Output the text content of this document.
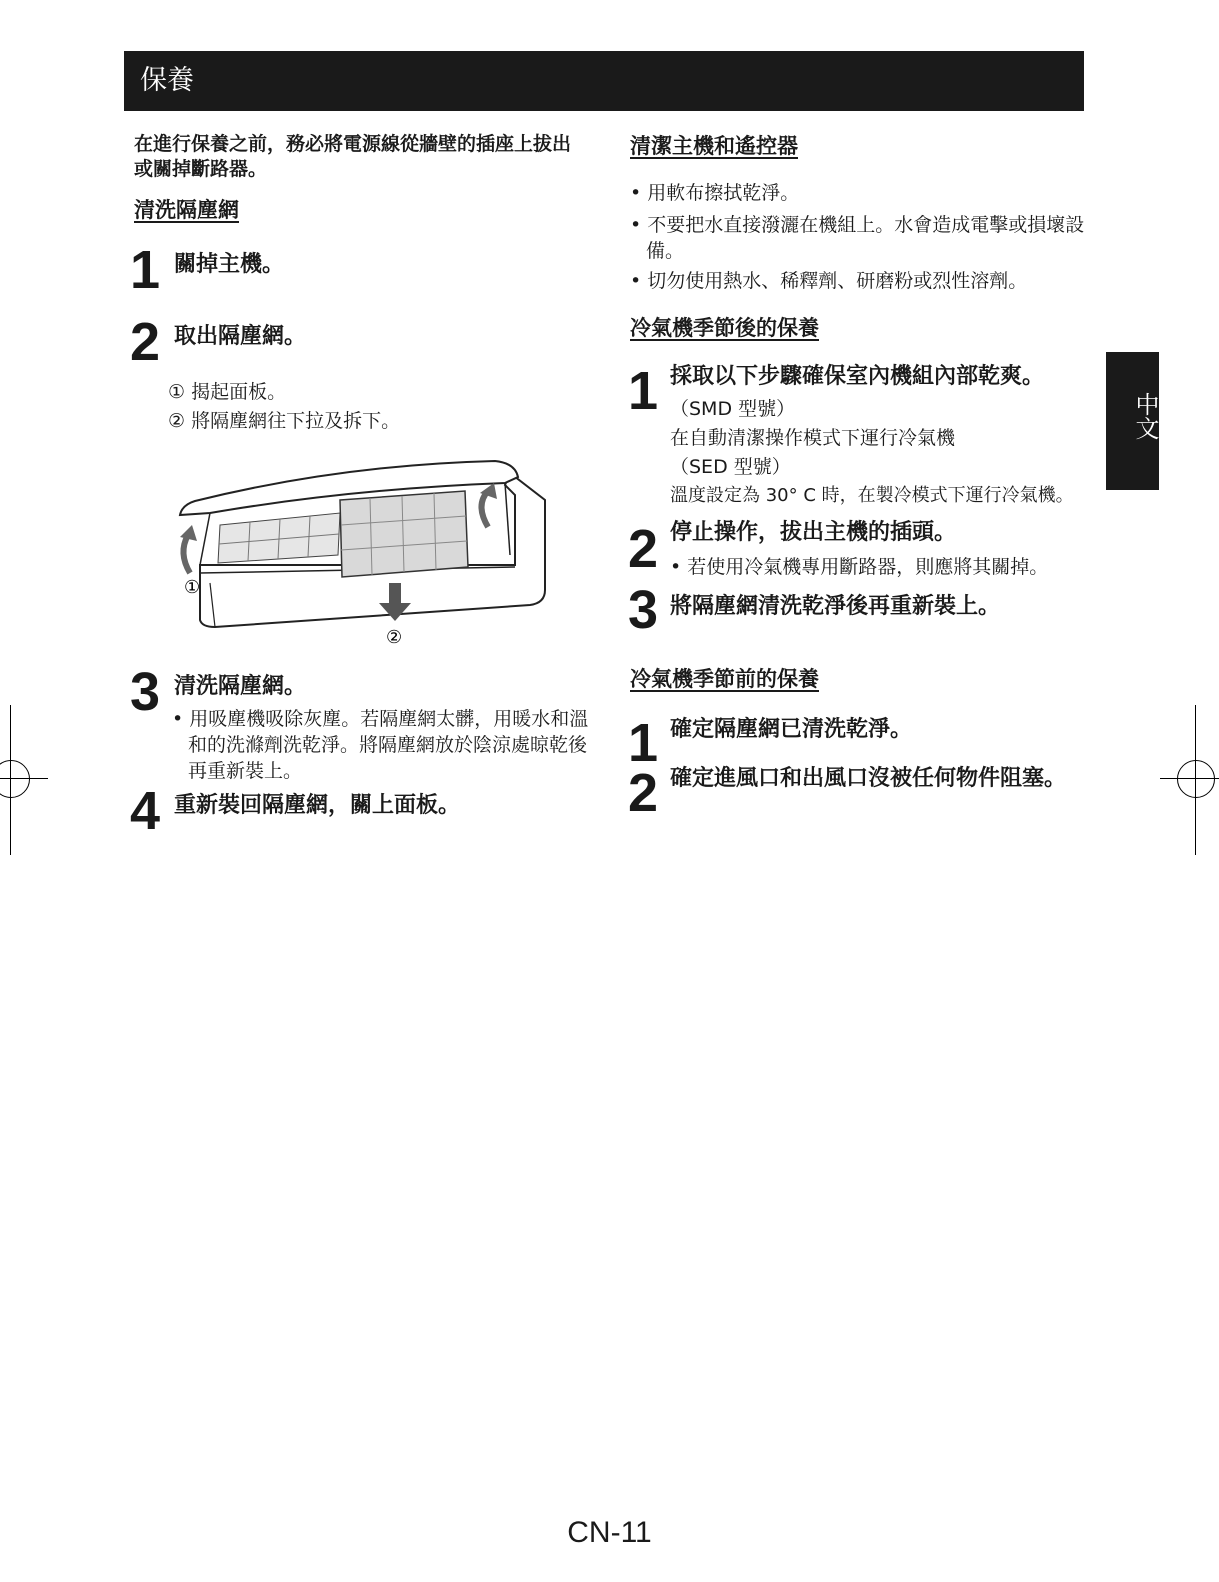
保養
中文
在進行保養之前，務必將電源線從牆壁的插座上拔出或關掉斷路器。
清洗隔塵網
1 關掉主機。
2 取出隔塵網。
① 揭起面板。
② 將隔塵網往下拉及拆下。
①
②
3 清洗隔塵網。
• 用吸塵機吸除灰塵。若隔塵網太髒，用暖水和溫和的洗滌劑洗乾淨。將隔塵網放於陰涼處晾乾後再重新裝上。
4 重新裝回隔塵網，關上面板。
清潔主機和遙控器
• 用軟布擦拭乾淨。
• 不要把水直接潑灑在機組上。水會造成電擊或損壞設備。
• 切勿使用熱水、稀釋劑、研磨粉或烈性溶劑。
冷氣機季節後的保養
1 採取以下步驟確保室內機組內部乾爽。
（SMD 型號）
在自動清潔操作模式下運行冷氣機
（SED 型號）
溫度設定為 30° C 時，在製冷模式下運行冷氣機。
2 停止操作，拔出主機的插頭。
• 若使用冷氣機專用斷路器，則應將其關掉。
3 將隔塵網清洗乾淨後再重新裝上。
冷氣機季節前的保養
1 確定隔塵網已清洗乾淨。
2 確定進風口和出風口沒被任何物件阻塞。
CN-11
